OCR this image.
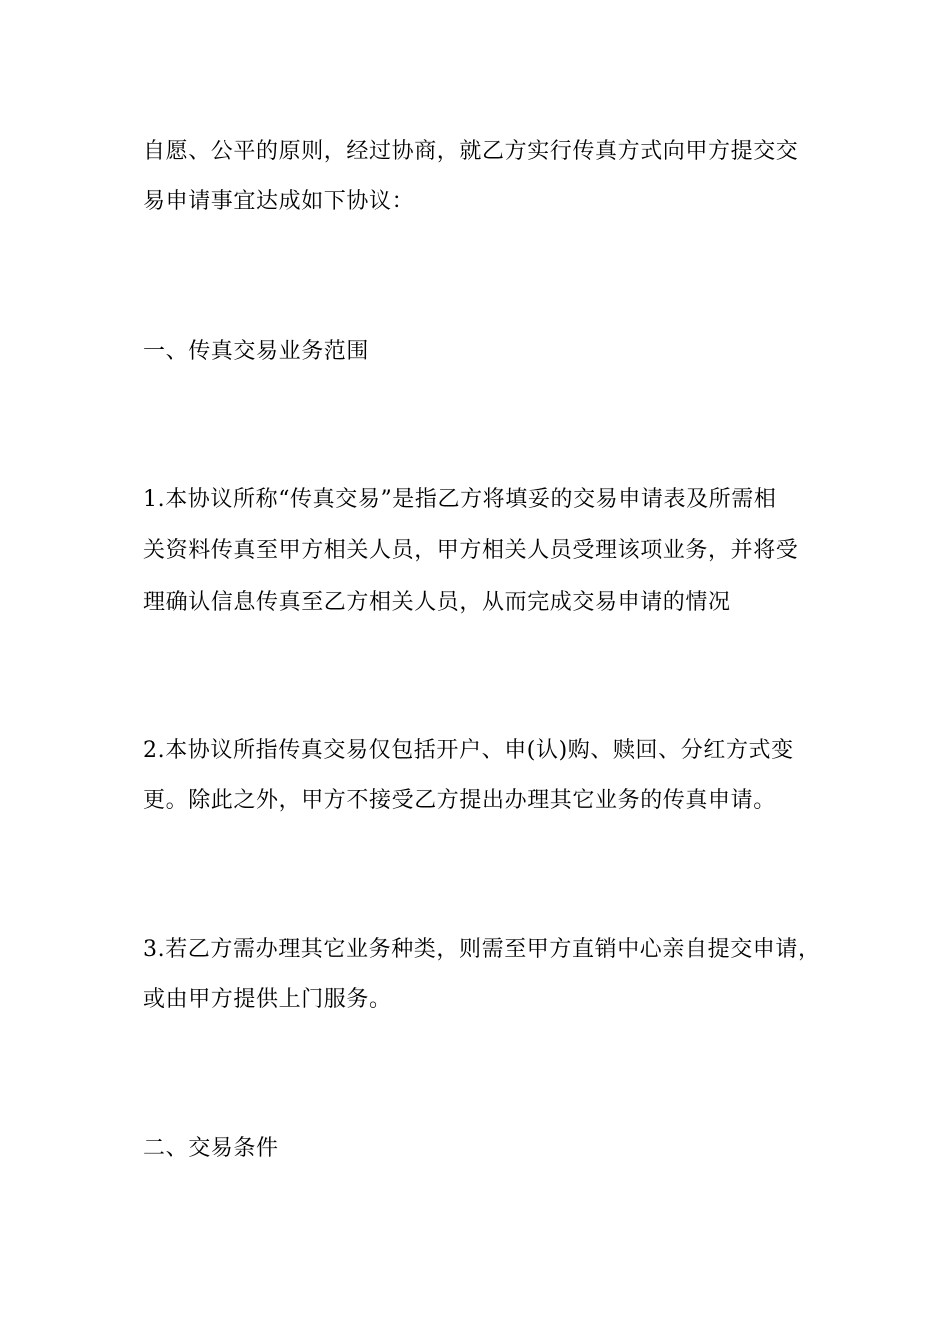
自愿、公平的原则，经过协商，就乙方实行传真方式向甲方提交交
易申请事宜达成如下协议：
一、传真交易业务范围
1.本协议所称“传真交易”是指乙方将填妥的交易申请表及所需相
关资料传真至甲方相关人员，甲方相关人员受理该项业务，并将受
理确认信息传真至乙方相关人员，从而完成交易申请的情况
2.本协议所指传真交易仅包括开户、申(认)购、赎回、分红方式变
更。除此之外，甲方不接受乙方提出办理其它业务的传真申请。
3.若乙方需办理其它业务种类，则需至甲方直销中心亲自提交申请，
或由甲方提供上门服务。
二、交易条件
